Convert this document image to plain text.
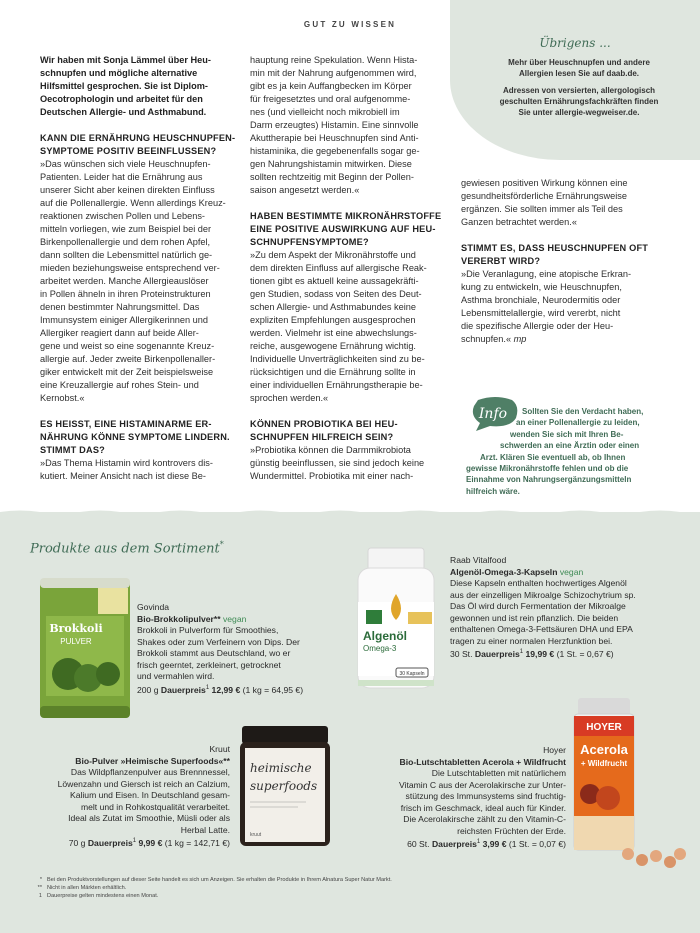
Übrigens ...
Mehr über Heuschnupfen und andere
Allergien lesen Sie auf daab.de.
Adressen von versierten, allergologisch
geschulten Ernährungsfachkräften finden
Sie unter allergie-wegweiser.de.
GUT ZU WISSEN

Wir haben mit Sonja Lämmel über Heu-
schnupfen und mögliche alternative
Hilfsmittel gesprochen. Sie ist Diplom-
Oecotrophologin und arbeitet für den
Deutschen Allergie- und Asthmabund.

KANN DIE ERNÄHRUNG HEUSCHNUPFEN-
SYMPTOME POSITIV BEEINFLUSSEN?

»Das wünschen sich viele Heuschnupfen-
Patienten. Leider hat die Ernährung aus
unserer Sicht aber keinen direkten Einfluss
auf die Pollenallergie. Wenn allerdings Kreuz-
reaktionen zwischen Pollen und Lebens-
mitteln vorliegen, wie zum Beispiel bei der
Birkenpollenallergie und dem rohen Apfel,
dann sollten die Lebensmittel natürlich ge-
mieden beziehungsweise entsprechend ver-
arbeitet werden. Manche Allergieauslöser
in Pollen ähneln in ihren Proteinstrukturen
denen bestimmter Nahrungsmittel. Das
Immunsystem einiger Allergikerinnen und
Allergiker reagiert dann auf beide Aller-
gene und weist so eine sogenannte Kreuz-
allergie auf. Jeder zweite Birkenpollenaller-
giker entwickelt mit der Zeit beispielsweise
eine Kreuzallergie auf rohes Stein- und
Kernobst.«

ES HEISST, EINE HISTAMINARME ER-
NÄHRUNG KÖNNE SYMPTOME LINDERN.
STIMMT DAS?

»Das Thema Histamin wird kontrovers dis-
kutiert. Meiner Ansicht nach ist diese Be-

hauptung reine Spekulation. Wenn Hista-
min mit der Nahrung aufgenommen wird,
gibt es ja kein Auffangbecken im Körper
für freigesetztes und oral aufgenomme-
nes (und vielleicht noch mikrobiell im
Darm erzeugtes) Histamin. Eine sinnvolle
Akuttherapie bei Heuschnupfen sind Anti-
histaminika, die gegebenenfalls sogar ge-
gen Nahrungshistamin mitwirken. Diese
sollten rechtzeitig mit Beginn der Pollen-
saison angesetzt werden.«

HABEN BESTIMMTE MIKRONÄHRSTOFFE
EINE POSITIVE AUSWIRKUNG AUF HEU-
SCHNUPFENSYMPTOME?

»Zu dem Aspekt der Mikronährstoffe und
dem direkten Einfluss auf allergische Reak-
tionen gibt es aktuell keine aussagekräfti-
gen Studien, sodass von Seiten des Deut-
schen Allergie- und Asthmabundes keine
expliziten Empfehlungen ausgesprochen
werden. Vielmehr ist eine abwechslungs-
reiche, ausgewogene Ernährung wichtig.
Individuelle Unverträglichkeiten sind zu be-
rücksichtigen und die Ernährung sollte in
einer individuellen Ernährungstherapie be-
sprochen werden.«

KÖNNEN PROBIOTIKA BEI HEU-
SCHNUPFEN HILFREICH SEIN?

»Probiotika können die Darmmikrobiota
günstig beeinflussen, sie sind jedoch keine
Wundermittel. Probiotika mit einer nach-

gewiesen positiven Wirkung können eine
gesundheitsförderliche Ernährungsweise
ergänzen. Sie sollten immer als Teil des
Ganzen betrachtet werden.«

STIMMT ES, DASS HEUSCHNUPFEN OFT
VERERBT WIRD?

»Die Veranlagung, eine atopische Erkran-
kung zu entwickeln, wie Heuschnupfen,
Asthma bronchiale, Neurodermitis oder
Lebensmittelallergie, wird vererbt, nicht
die spezifische Allergie oder der Heu-
schnupfen.« mp

Info	Sollten Sie den Verdacht haben,
an einer Pollenallergie zu leiden,
wenden Sie sich mit Ihren Be-
schwerden an eine Ärztin oder einen
Arzt. Klären Sie eventuell ab, ob Ihnen
gewisse Mikronährstoffe fehlen und ob die
Einnahme von Nahrungsergänzungsmitteln
hilfreich wäre.
Produkte aus dem Sortiment*
Brokkoli
PULVER
Govinda
Bio-Brokkolipulver** vegan
Brokkoli in Pulverform für Smoothies,
Shakes oder zum Verfeinern von Dips. Der
Brokkoli stammt aus Deutschland, wo er
frisch geerntet, zerkleinert, getrocknet
und vermahlen wird.
200 g Dauerpreis$^1$ 12,99 € (1 kg = 64,95 €)
Algenöl
Omega-3
30 Kapseln
Raab Vitalfood
Algenöl-Omega-3-Kapseln vegan
Diese Kapseln enthalten hochwertiges Algenöl
aus der einzelligen Mikroalge Schizochytrium sp.
Das Öl wird durch Fermentation der Mikroalge
gewonnen und ist rein pflanzlich. Die beiden
enthaltenen Omega-3-Fettsäuren DHA und EPA
tragen zu einer normalen Herzfunktion bei.
30 St. Dauerpreis$^1$ 19,99 € (1 St. = 0,67 €)
Kruut
Bio-Pulver »Heimische Superfoods«**
Das Wildpflanzenpulver aus Brennnessel,
Löwenzahn und Giersch ist reich an Calzium,
Kalium und Eisen. In Deutschland gesam-
melt und in Rohkostqualität verarbeitet.
Ideal als Zutat im Smoothie, Müsli oder als
Herbal Latte.
70 g Dauerpreis$^1$ 9,99 € (1 kg = 142,71 €)
heimische
superfoods
kruut
Hoyer
Bio-Lutschtabletten Acerola + Wildfrucht
Die Lutschtabletten mit natürlichem
Vitamin C aus der Acerolakirsche zur Unter-
stützung des Immunsystems sind fruchtig-
frisch im Geschmack, ideal auch für Kinder.
Die Acerolakirsche zählt zu den Vitamin-C-
reichsten Früchten der Erde.
60 St. Dauerpreis$^1$ 3,99 € (1 St. = 0,07 €)
HOYER
Acerola
+ Wildfrucht
* Bei den Produktvorstellungen auf dieser Seite handelt es sich um Anzeigen. Sie erhalten die Produkte in Ihrem Alnatura Super Natur Markt.
** Nicht in allen Märkten erhältlich.
1 Dauerpreise gelten mindestens einen Monat.
